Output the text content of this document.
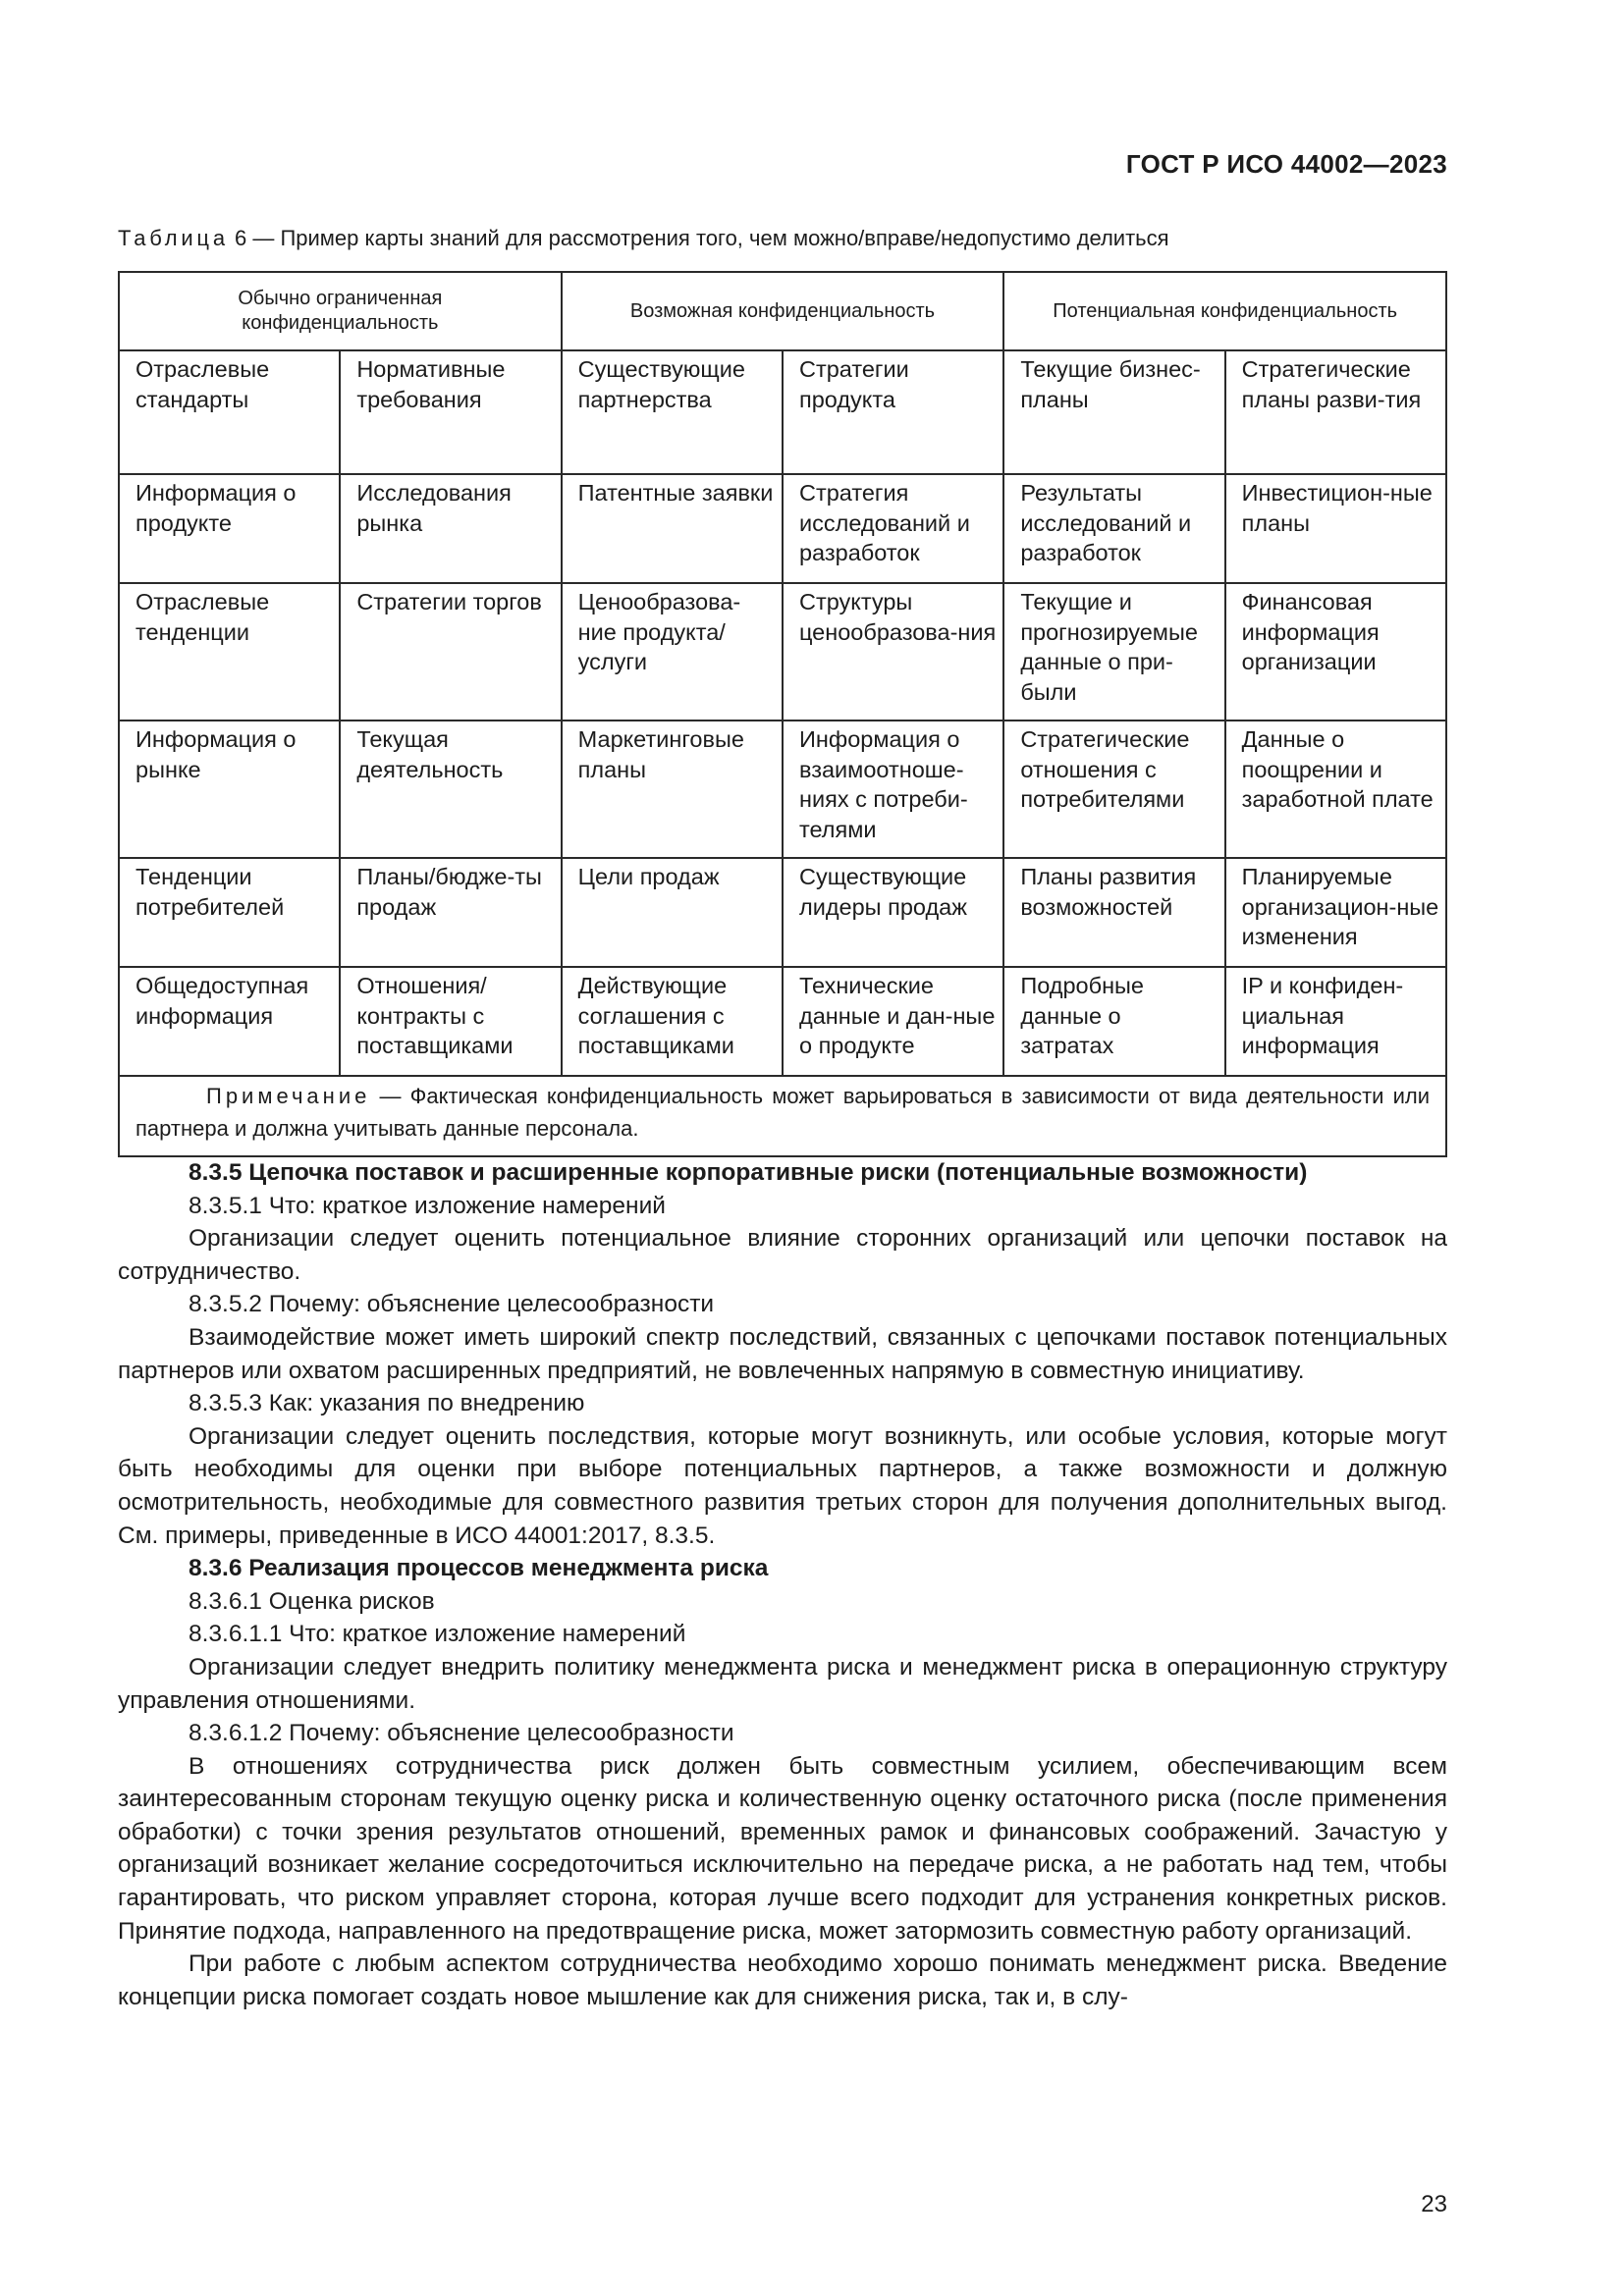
ГОСТ Р ИСО 44002—2023
Таблица 6 — Пример карты знаний для рассмотрения того, чем можно/вправе/недопустимо делиться
Обычно ограниченная конфиденциальность		Возможная конфиденциальность		Потенциальная конфиденциальность	
Отраслевые стандарты	Нормативные требования	Существующие партнерства	Стратегии продукта	Текущие бизнес-планы	Стратегические планы разви-тия
Информация о продукте	Исследования рынка	Патентные заявки	Стратегия исследований и разработок	Результаты исследований и разработок	Инвестицион-ные планы
Отраслевые тенденции	Стратегии торгов	Ценообразова-ние продукта/ услуги	Структуры ценообразова-ния	Текущие и прогнозируемые данные о при-были	Финансовая информация организации
Информация о рынке	Текущая деятельность	Маркетинговые планы	Информация о взаимоотноше-ниях с потреби-телями	Стратегические отношения с потребителями	Данные о поощрении и заработной плате
Тенденции потребителей	Планы/бюдже-ты продаж	Цели продаж	Существующие лидеры продаж	Планы развития возможностей	Планируемые организацион-ные изменения
Общедоступная информация	Отношения/ контракты с поставщиками	Действующие соглашения с поставщиками	Технические данные и дан-ные о продукте	Подробные данные о затратах	IP и конфиден-циальная информация
Примечание — Фактическая конфиденциальность может варьироваться в зависимости от вида деятельности или партнера и должна учитывать данные персонала.					

8.3.5 Цепочка поставок и расширенные корпоративные риски (потенциальные возможности)

8.3.5.1 Что: краткое изложение намерений

Организации следует оценить потенциальное влияние сторонних организаций или цепочки поставок на сотрудничество.

8.3.5.2 Почему: объяснение целесообразности

Взаимодействие может иметь широкий спектр последствий, связанных с цепочками поставок потенциальных партнеров или охватом расширенных предприятий, не вовлеченных напрямую в совместную инициативу.

8.3.5.3 Как: указания по внедрению

Организации следует оценить последствия, которые могут возникнуть, или особые условия, которые могут быть необходимы для оценки при выборе потенциальных партнеров, а также возможности и должную осмотрительность, необходимые для совместного развития третьих сторон для получения дополнительных выгод. См. примеры, приведенные в ИСО 44001:2017, 8.3.5.

8.3.6 Реализация процессов менеджмента риска

8.3.6.1 Оценка рисков

8.3.6.1.1 Что: краткое изложение намерений

Организации следует внедрить политику менеджмента риска и менеджмент риска в операционную структуру управления отношениями.

8.3.6.1.2 Почему: объяснение целесообразности

В отношениях сотрудничества риск должен быть совместным усилием, обеспечивающим всем заинтересованным сторонам текущую оценку риска и количественную оценку остаточного риска (после применения обработки) с точки зрения результатов отношений, временных рамок и финансовых соображений. Зачастую у организаций возникает желание сосредоточиться исключительно на передаче риска, а не работать над тем, чтобы гарантировать, что риском управляет сторона, которая лучше всего подходит для устранения конкретных рисков. Принятие подхода, направленного на предотвращение риска, может затормозить совместную работу организаций.

При работе с любым аспектом сотрудничества необходимо хорошо понимать менеджмент риска. Введение концепции риска помогает создать новое мышление как для снижения риска, так и, в слу-

23
